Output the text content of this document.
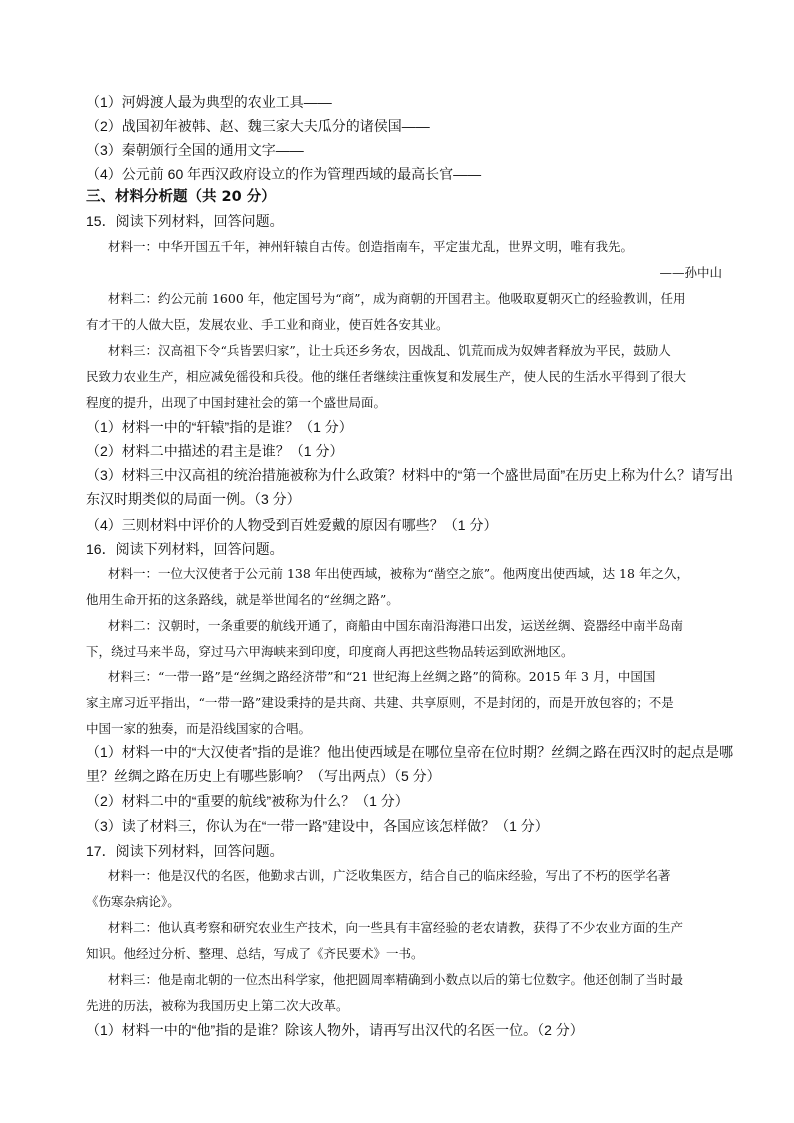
（1）河姆渡人最为典型的农业工具——
（2）战国初年被韩、赵、魏三家大夫瓜分的诸侯国——
（3）秦朝颁行全国的通用文字——
（4）公元前 60 年西汉政府设立的作为管理西域的最高长官——
三、材料分析题（共 20 分）
15．阅读下列材料，回答问题。
材料一：中华开国五千年，神州轩辕自古传。创造指南车，平定蚩尤乱，世界文明，唯有我先。
——孙中山
材料二：约公元前 1600 年，他定国号为“商”，成为商朝的开国君主。他吸取夏朝灭亡的经验教训，任用
有才干的人做大臣，发展农业、手工业和商业，使百姓各安其业。
材料三：汉高祖下令“兵皆罢归家”，让士兵还乡务农，因战乱、饥荒而成为奴婢者释放为平民，鼓励人
民致力农业生产，相应减免徭役和兵役。他的继任者继续注重恢复和发展生产，使人民的生活水平得到了很大
程度的提升，出现了中国封建社会的第一个盛世局面。
（1）材料一中的“轩辕”指的是谁？（1 分）
（2）材料二中描述的君主是谁？（1 分）
（3）材料三中汉高祖的统治措施被称为什么政策？材料中的“第一个盛世局面”在历史上称为什么？请写出
东汉时期类似的局面一例。（3 分）
（4）三则材料中评价的人物受到百姓爱戴的原因有哪些？（1 分）
16．阅读下列材料，回答问题。
材料一：一位大汉使者于公元前 138 年出使西域，被称为“凿空之旅”。他两度出使西域，达 18 年之久，
他用生命开拓的这条路线，就是举世闻名的“丝绸之路”。
材料二：汉朝时，一条重要的航线开通了，商船由中国东南沿海港口出发，运送丝绸、瓷器经中南半岛南
下，绕过马来半岛，穿过马六甲海峡来到印度，印度商人再把这些物品转运到欧洲地区。
材料三：“一带一路”是“丝绸之路经济带”和“21 世纪海上丝绸之路”的简称。2015 年 3 月，中国国
家主席习近平指出，“一带一路”建设秉持的是共商、共建、共享原则，不是封闭的，而是开放包容的；不是
中国一家的独奏，而是沿线国家的合唱。
（1）材料一中的“大汉使者”指的是谁？他出使西域是在哪位皇帝在位时期？丝绸之路在西汉时的起点是哪
里？丝绸之路在历史上有哪些影响？（写出两点）（5 分）
（2）材料二中的“重要的航线”被称为什么？（1 分）
（3）读了材料三，你认为在“一带一路”建设中，各国应该怎样做？（1 分）
17．阅读下列材料，回答问题。
材料一：他是汉代的名医，他勤求古训，广泛收集医方，结合自己的临床经验，写出了不朽的医学名著
《伤寒杂病论》。
材料二：他认真考察和研究农业生产技术，向一些具有丰富经验的老农请教，获得了不少农业方面的生产
知识。他经过分析、整理、总结，写成了《齐民要术》一书。
材料三：他是南北朝的一位杰出科学家，他把圆周率精确到小数点以后的第七位数字。他还创制了当时最
先进的历法，被称为我国历史上第二次大改革。
（1）材料一中的“他”指的是谁？除该人物外，请再写出汉代的名医一位。（2 分）
